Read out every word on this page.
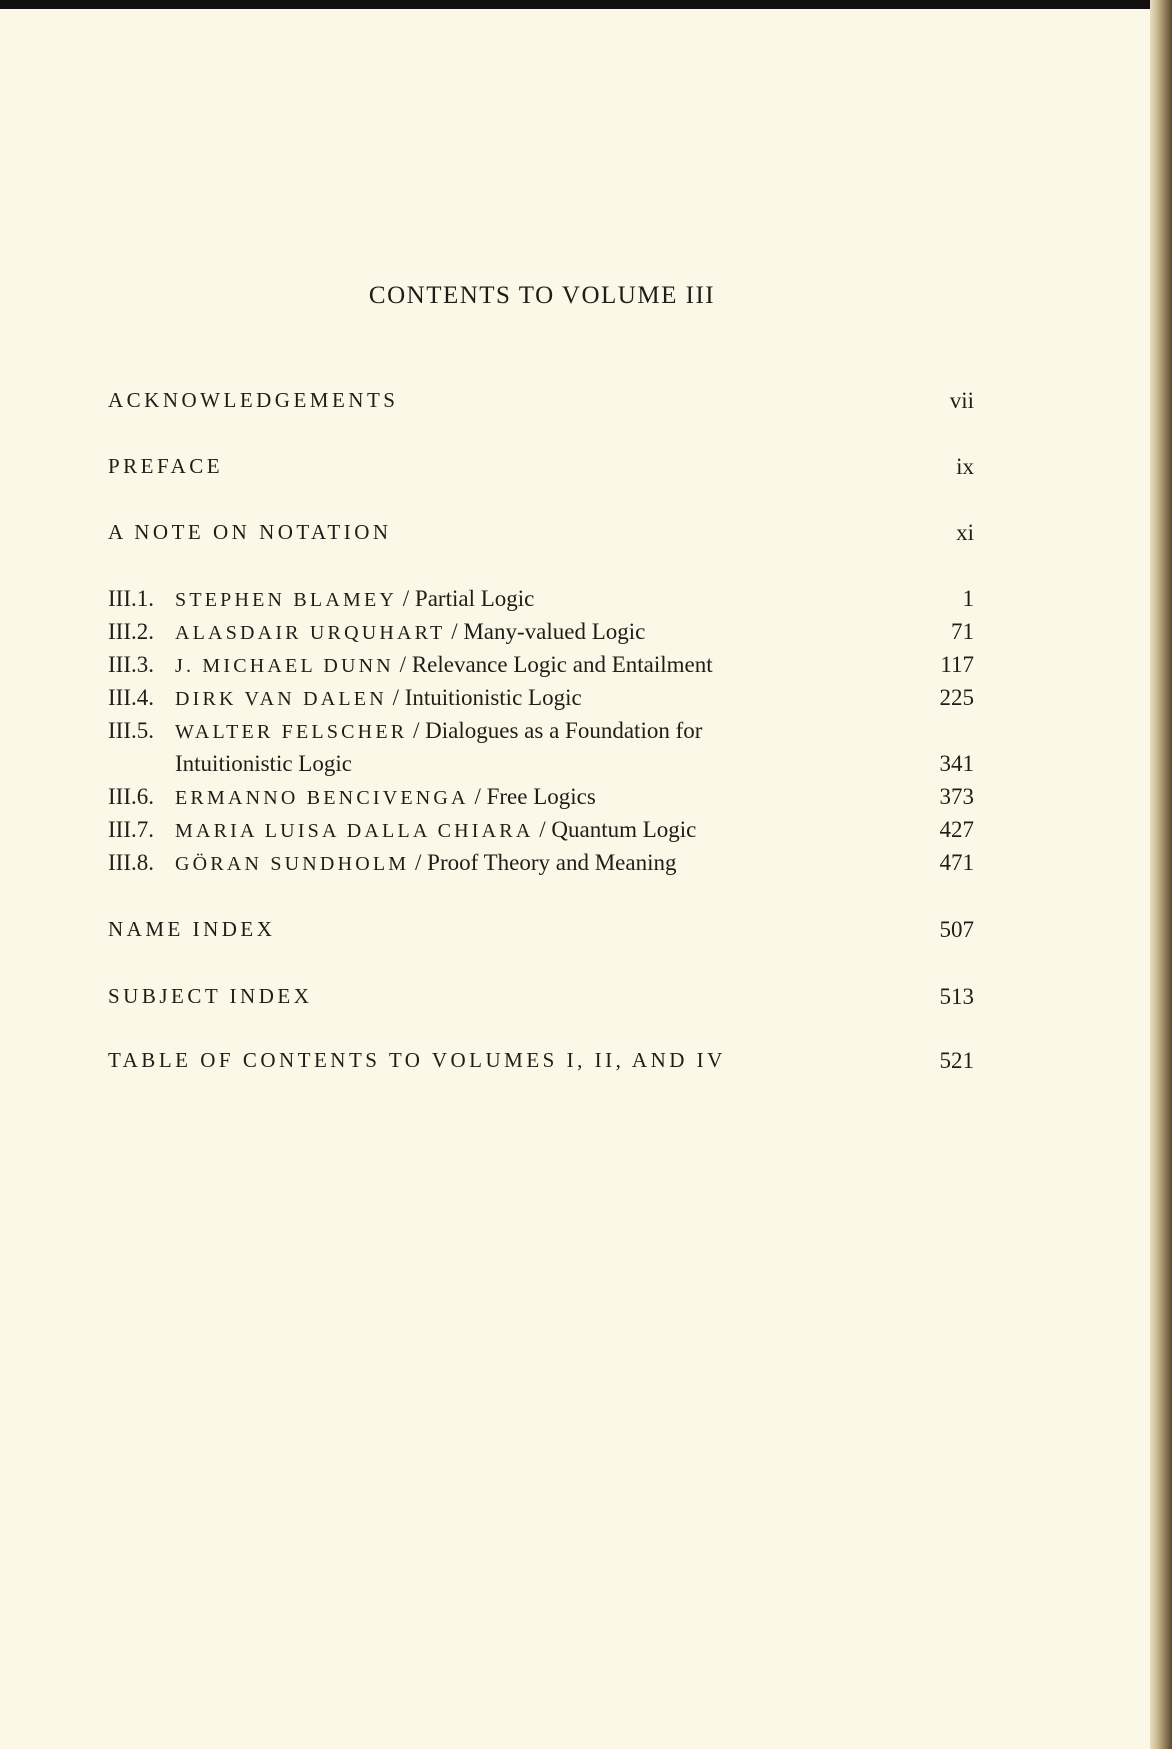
CONTENTS TO VOLUME III
ACKNOWLEDGEMENTS	vii
PREFACE	ix
A NOTE ON NOTATION	xi
III.1. STEPHEN BLAMEY / Partial Logic	1
III.2. ALASDAIR URQUHART / Many-valued Logic	71
III.3. J. MICHAEL DUNN / Relevance Logic and Entailment	117
III.4. DIRK VAN DALEN / Intuitionistic Logic	225
III.5. WALTER FELSCHER / Dialogues as a Foundation for
Intuitionistic Logic	341
III.6. ERMANNO BENCIVENGA / Free Logics	373
III.7. MARIA LUISA DALLA CHIARA / Quantum Logic	427
III.8. GÖRAN SUNDHOLM / Proof Theory and Meaning	471
NAME INDEX	507
SUBJECT INDEX	513
TABLE OF CONTENTS TO VOLUMES I, II, AND IV	521
